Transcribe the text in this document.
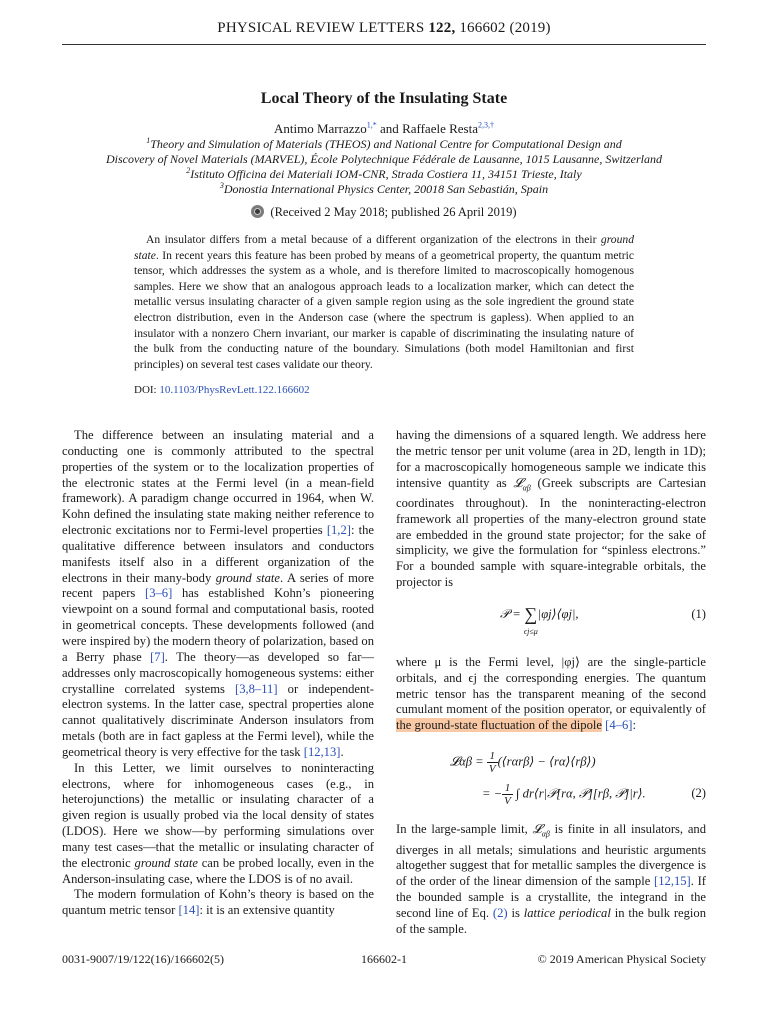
PHYSICAL REVIEW LETTERS 122, 166602 (2019)
Local Theory of the Insulating State
Antimo Marrazzo$^{1,*}$ and Raffaele Resta$^{2,3,\dagger}$
$^1$Theory and Simulation of Materials (THEOS) and National Centre for Computational Design and
Discovery of Novel Materials (MARVEL), École Polytechnique Fédérale de Lausanne, 1015 Lausanne, Switzerland
$^2$Istituto Officina dei Materiali IOM-CNR, Strada Costiera 11, 34151 Trieste, Italy
$^3$Donostia International Physics Center, 20018 San Sebastián, Spain
(Received 2 May 2018; published 26 April 2019)
An insulator differs from a metal because of a different organization of the electrons in their ground state. In recent years this feature has been probed by means of a geometrical property, the quantum metric tensor, which addresses the system as a whole, and is therefore limited to macroscopically homogenous samples. Here we show that an analogous approach leads to a localization marker, which can detect the metallic versus insulating character of a given sample region using as the sole ingredient the ground state electron distribution, even in the Anderson case (where the spectrum is gapless). When applied to an insulator with a nonzero Chern invariant, our marker is capable of discriminating the insulating nature of the bulk from the conducting nature of the boundary. Simulations (both model Hamiltonian and first principles) on several test cases validate our theory.
DOI: 10.1103/PhysRevLett.122.166602

The difference between an insulating material and a conducting one is commonly attributed to the spectral properties of the system or to the localization properties of the electronic states at the Fermi level (in a mean-field framework). A paradigm change occurred in 1964, when W. Kohn defined the insulating state making neither reference to electronic excitations nor to Fermi-level properties [1,2]: the qualitative difference between insulators and conductors manifests itself also in a different organization of the electrons in their many-body ground state. A series of more recent papers [3–6] has established Kohn’s pioneering viewpoint on a sound formal and computational basis, rooted in geometrical concepts. These developments followed (and were inspired by) the modern theory of polarization, based on a Berry phase [7]. The theory—as developed so far—addresses only macroscopically homogeneous systems: either crystalline correlated systems [3,8–11] or independent-electron systems. In the latter case, spectral properties alone cannot qualitatively discriminate Anderson insulators from metals (both are in fact gapless at the Fermi level), while the geometrical theory is very effective for the task [12,13].

In this Letter, we limit ourselves to noninteracting electrons, where for inhomogeneous cases (e.g., in heterojunctions) the metallic or insulating character of a given region is usually probed via the local density of states (LDOS). Here we show—by performing simulations over many test cases—that the metallic or insulating character of the electronic ground state can be probed locally, even in the Anderson-insulating case, where the LDOS is of no avail.

The modern formulation of Kohn’s theory is based on the quantum metric tensor [14]: it is an extensive quantity

having the dimensions of a squared length. We address here the metric tensor per unit volume (area in 2D, length in 1D); for a macroscopically homogeneous sample we indicate this intensive quantity as 𝓛$_{\alpha\beta}$ (Greek subscripts are Cartesian coordinates throughout). In the noninteracting-electron framework all properties of the many-electron ground state are embedded in the ground state projector; for the sake of simplicity, we give the formulation for “spinless electrons.” For a bounded sample with square-integrable orbitals, the projector is

𝒫 = ∑
ϵj≤μ|φj⟩⟨φj|,	(1)

where μ is the Fermi level, |φj⟩ are the single-particle orbitals, and ϵj the corresponding energies. The quantum metric tensor has the transparent meaning of the second cumulant moment of the position operator, or equivalently of the ground-state fluctuation of the dipole [4–6]:

𝓛αβ = $\frac{1}{V}(⟨r\alpha r\beta⟩$ − ⟨rα⟩⟨rβ⟩)
= $-\frac{1}{V}$ ∫ dr⟨r|𝒫[rα, 𝒫][rβ, 𝒫]|r⟩.	(2)

In the large-sample limit, 𝓛$_{\alpha\beta}$ is finite in all insulators, and diverges in all metals; simulations and heuristic arguments altogether suggest that for metallic samples the divergence is of the order of the linear dimension of the sample [12,15]. If the bounded sample is a crystallite, the integrand in the second line of Eq. (2) is lattice periodical in the bulk region of the sample.

0031-9007/19/122(16)/166602(5)	166602-1	© 2019 American Physical Society
